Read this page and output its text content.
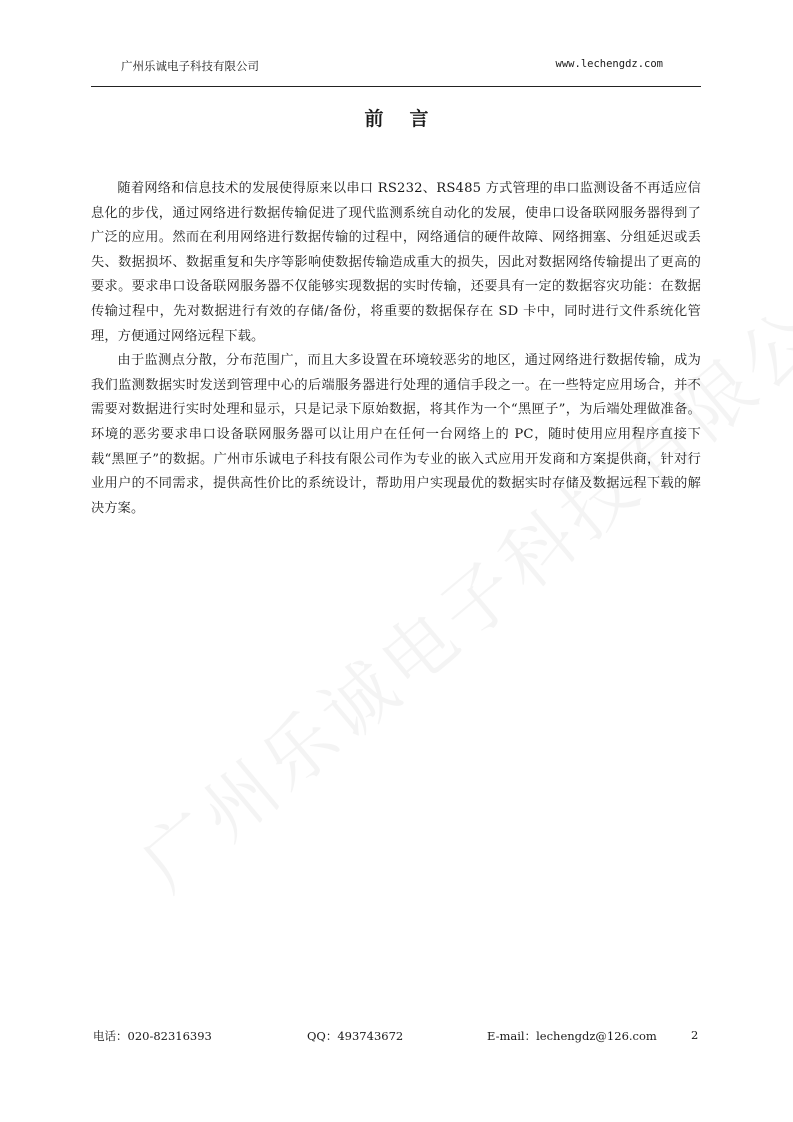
广州乐诚电子科技有限公司	www.lechengdz.com
前言

随着网络和信息技术的发展使得原来以串口 RS232、RS485 方式管理的串口监测设备不再适应信息化的步伐，通过网络进行数据传输促进了现代监测系统自动化的发展，使串口设备联网服务器得到了广泛的应用。然而在利用网络进行数据传输的过程中，网络通信的硬件故障、网络拥塞、分组延迟或丢失、数据损坏、数据重复和失序等影响使数据传输造成重大的损失，因此对数据网络传输提出了更高的要求。要求串口设备联网服务器不仅能够实现数据的实时传输，还要具有一定的数据容灾功能：在数据传输过程中，先对数据进行有效的存储/备份，将重要的数据保存在 SD 卡中，同时进行文件系统化管理，方便通过网络远程下载。

由于监测点分散，分布范围广，而且大多设置在环境较恶劣的地区，通过网络进行数据传输，成为我们监测数据实时发送到管理中心的后端服务器进行处理的通信手段之一。在一些特定应用场合，并不需要对数据进行实时处理和显示，只是记录下原始数据，将其作为一个“黑匣子”，为后端处理做准备。环境的恶劣要求串口设备联网服务器可以让用户在任何一台网络上的 PC，随时使用应用程序直接下载“黑匣子”的数据。广州市乐诚电子科技有限公司作为专业的嵌入式应用开发商和方案提供商，针对行业用户的不同需求，提供高性价比的系统设计，帮助用户实现最优的数据实时存储及数据远程下载的解决方案。

电话：020-82316393	QQ：493743672	E-mail：lechengdz@126.com	2
